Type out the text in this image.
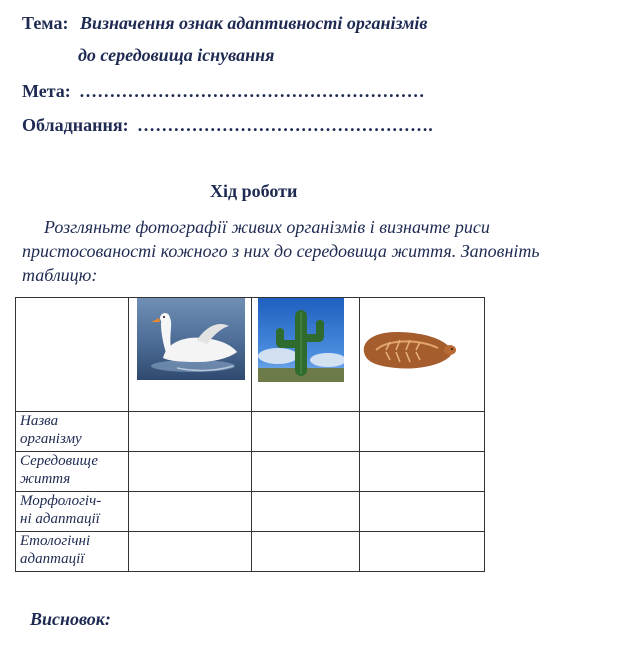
Тема: Визначення ознак адаптивності організмів
до середовища існування
Мета: …………………………………………………
Обладнання: ………………………………………….
Хід роботи
Розгляньте фотографії живих організмів і визначте риси
пристосованості кожного з них до середовища життя. Заповніть
таблицю:

Назва
організму			

Середовище
життя			

Морфологіч-
ні адаптації			

Етологічні
адаптації			

Висновок:
